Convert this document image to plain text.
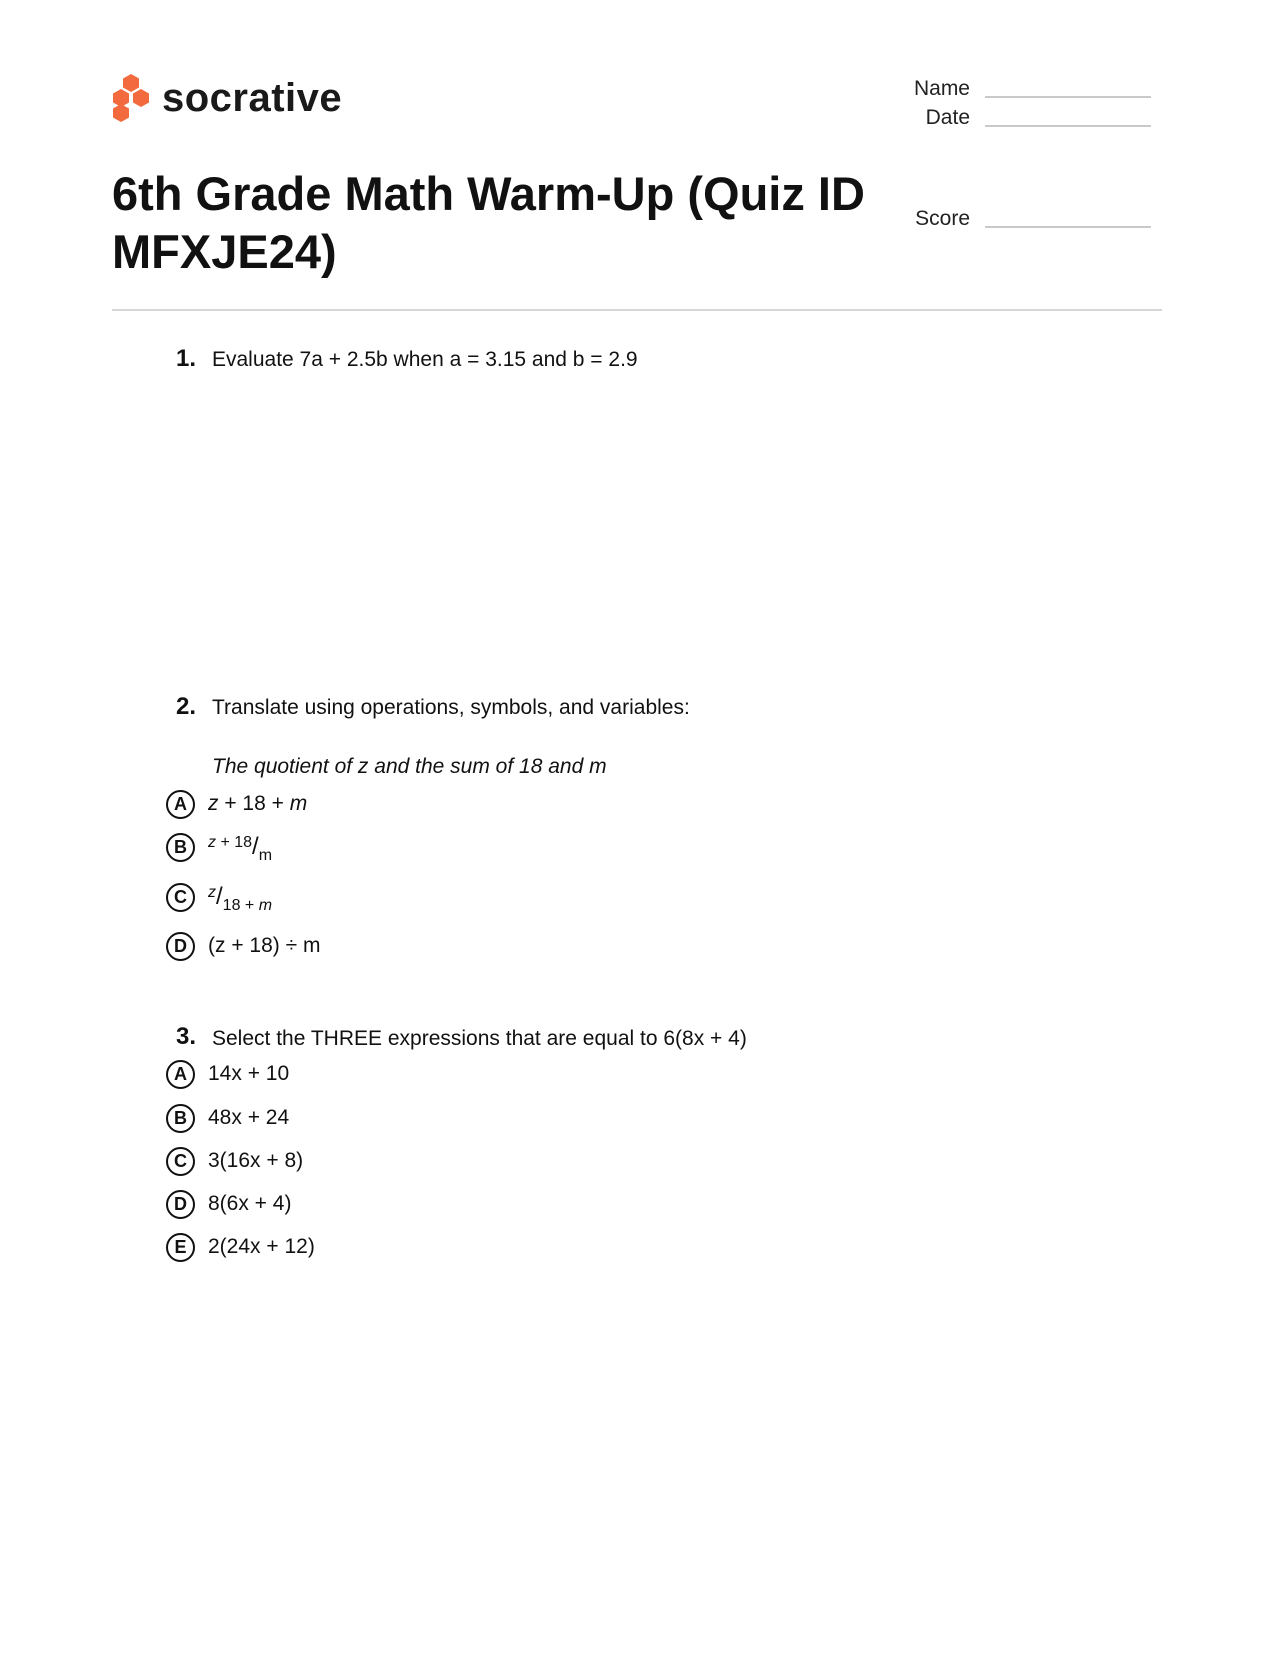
socrative	Name
Date
Score
6th Grade Math Warm-Up (Quiz ID MFXJE24)
1. Evaluate 7a + 2.5b when a = 3.15 and b = 2.9
2. Translate using operations, symbols, and variables:
The quotient of z and the sum of 18 and m
A	z + 18 + m
B	$^{z + 18}/_m$
C	$^z/_{18 + m}$
D	(z + 18) ÷ m
3. Select the THREE expressions that are equal to 6(8x + 4)
A	14x + 10
B	48x + 24
C	3(16x + 8)
D	8(6x + 4)
E	2(24x + 12)
